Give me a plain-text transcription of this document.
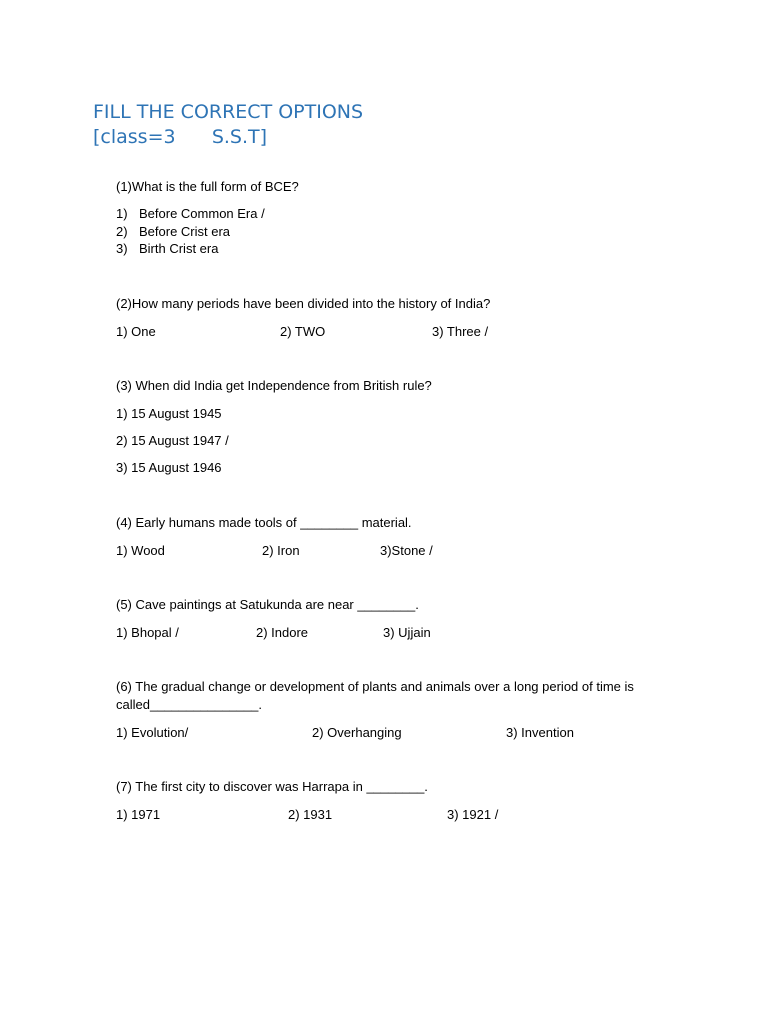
FILL THE CORRECT OPTIONS
[class=3      S.S.T]
(1)What is the full form of BCE?
1) Before Common Era /
2) Before Crist era
3) Birth Crist era
(2)How many periods have been divided into the history of India?
1) One	2) TWO	3) Three /
(3) When did India get Independence from British rule?
1) 15 August 1945
2) 15 August 1947 /
3) 15 August 1946
(4) Early humans made tools of ________ material.
1) Wood	2) Iron	3)Stone /
(5) Cave paintings at Satukunda are near ________.
1) Bhopal /	2) Indore	3) Ujjain
(6) The gradual change or development of plants and animals over a long period of time is called_______________.
1) Evolution/	2) Overhanging	3) Invention
(7) The first city to discover was Harrapa in ________.
1) 1971	2) 1931	3) 1921 /
